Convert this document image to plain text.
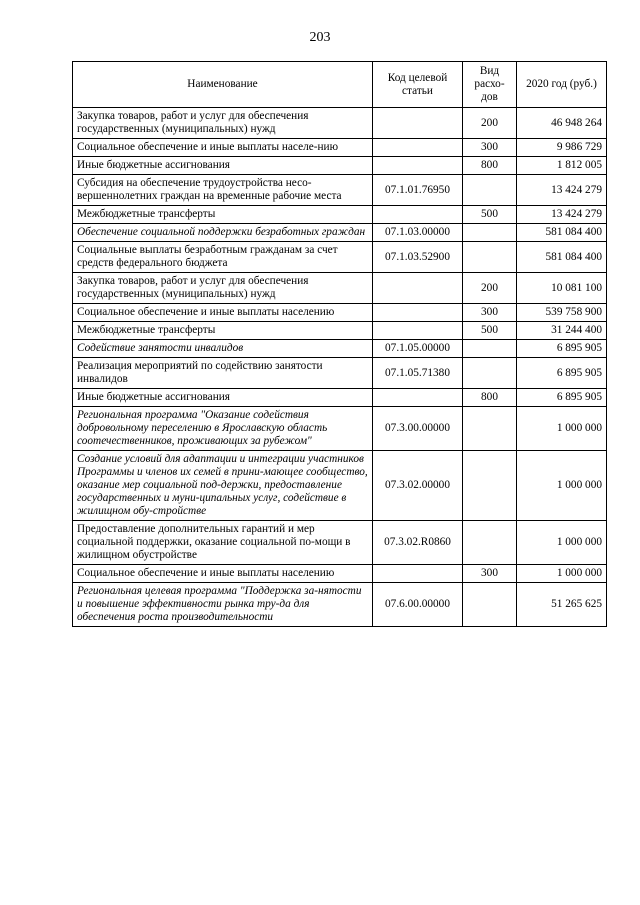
203
Наименование	Код целевой статьи	Вид расхо-дов	2020 год (руб.)
Закупка товаров, работ и услуг для обеспечения государственных (муниципальных) нужд		200	46 948 264
Социальное обеспечение и иные выплаты населе-нию		300	9 986 729
Иные бюджетные ассигнования		800	1 812 005
Субсидия на обеспечение трудоустройства несо-вершеннолетних граждан на временные рабочие места	07.1.01.76950		13 424 279
Межбюджетные трансферты		500	13 424 279
Обеспечение социальной поддержки безработных граждан	07.1.03.00000		581 084 400
Социальные выплаты безработным гражданам за счет средств федерального бюджета	07.1.03.52900		581 084 400
Закупка товаров, работ и услуг для обеспечения государственных (муниципальных) нужд		200	10 081 100
Социальное обеспечение и иные выплаты населению		300	539 758 900
Межбюджетные трансферты		500	31 244 400
Содействие занятости инвалидов	07.1.05.00000		6 895 905
Реализация мероприятий по содействию занятости инвалидов	07.1.05.71380		6 895 905
Иные бюджетные ассигнования		800	6 895 905
Региональная программа "Оказание содействия добровольному переселению в Ярославскую область соотечественников, проживающих за рубежом"	07.3.00.00000		1 000 000
Создание условий для адаптации и интеграции участников Программы и членов их семей в прини-мающее сообщество, оказание мер социальной под-держки, предоставление государственных и муни-ципальных услуг, содействие в жилищном обу-стройстве	07.3.02.00000		1 000 000
Предоставление дополнительных гарантий и мер социальной поддержки, оказание социальной по-мощи в жилищном обустройстве	07.3.02.R0860		1 000 000
Социальное обеспечение и иные выплаты населению		300	1 000 000
Региональная целевая программа "Поддержка за-нятости и повышение эффективности рынка тру-да для обеспечения роста производительности	07.6.00.00000		51 265 625
